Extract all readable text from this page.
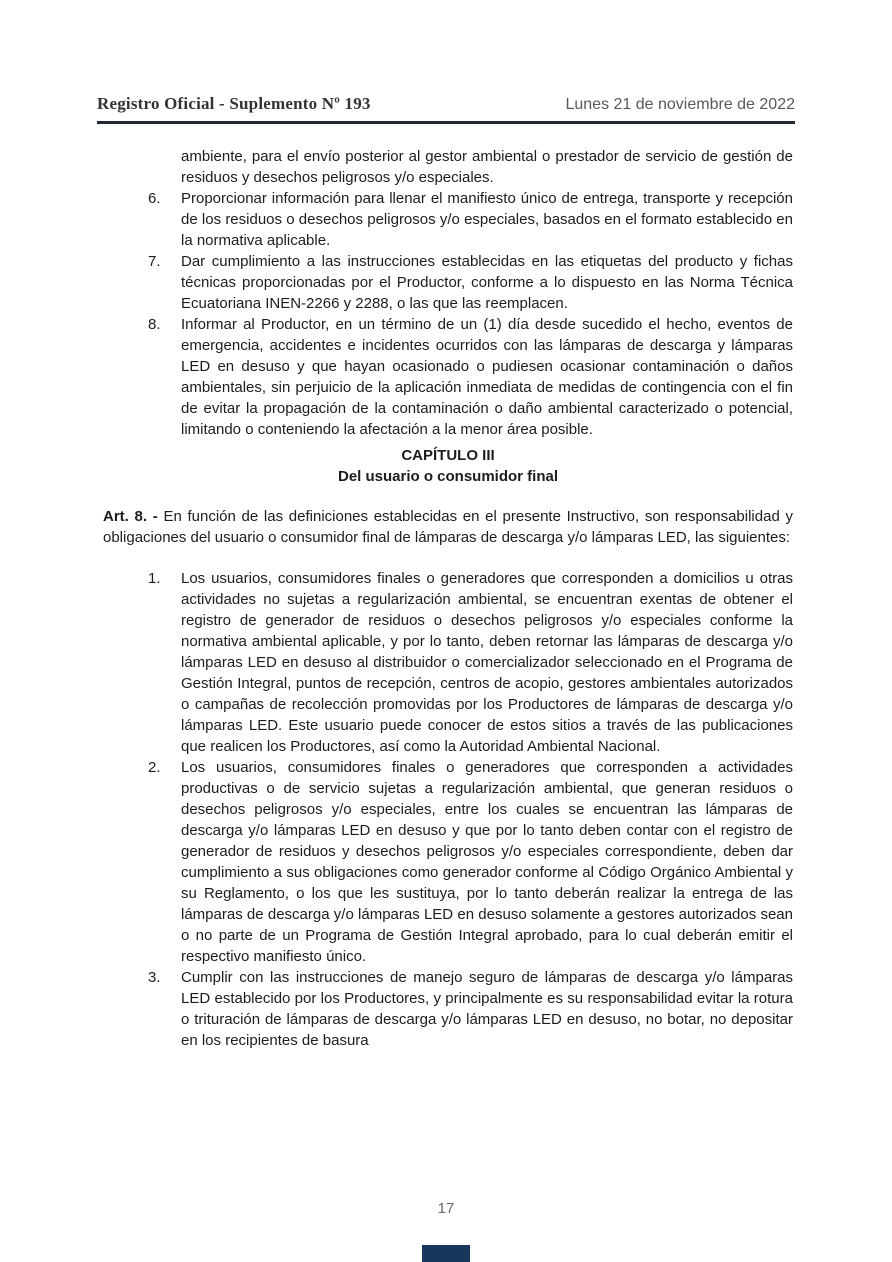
Registro Oficial - Suplemento Nº 193	Lunes 21 de noviembre de 2022

ambiente, para el envío posterior al gestor ambiental o prestador de servicio de gestión de residuos y desechos peligrosos y/o especiales.

6.	Proporcionar información para llenar el manifiesto único de entrega, transporte y recepción de los residuos o desechos peligrosos y/o especiales, basados en el formato establecido en la normativa aplicable.
7.	Dar cumplimiento a las instrucciones establecidas en las etiquetas del producto y fichas técnicas proporcionadas por el Productor, conforme a lo dispuesto en las Norma Técnica Ecuatoriana INEN-2266 y 2288, o las que las reemplacen.
8.	Informar al Productor, en un término de un (1) día desde sucedido el hecho, eventos de emergencia, accidentes e incidentes ocurridos con las lámparas de descarga y lámparas LED en desuso y que hayan ocasionado o pudiesen ocasionar contaminación o daños ambientales, sin perjuicio de la aplicación inmediata de medidas de contingencia con el fin de evitar la propagación de la contaminación o daño ambiental caracterizado o potencial, limitando o conteniendo la afectación a la menor área posible.
CAPÍTULO III
Del usuario o consumidor final

Art. 8. - En función de las definiciones establecidas en el presente Instructivo, son responsabilidad y obligaciones del usuario o consumidor final de lámparas de descarga y/o lámparas LED, las siguientes:

1.	Los usuarios, consumidores finales o generadores que corresponden a domicilios u otras actividades no sujetas a regularización ambiental, se encuentran exentas de obtener el registro de generador de residuos o desechos peligrosos y/o especiales conforme la normativa ambiental aplicable, y por lo tanto, deben retornar las lámparas de descarga y/o lámparas LED en desuso al distribuidor o comercializador seleccionado en el Programa de Gestión Integral, puntos de recepción, centros de acopio, gestores ambientales autorizados o campañas de recolección promovidas por los Productores de lámparas de descarga y/o lámparas LED. Este usuario puede conocer de estos sitios a través de las publicaciones que realicen los Productores, así como la Autoridad Ambiental Nacional.
2.	Los usuarios, consumidores finales o generadores que corresponden a actividades productivas o de servicio sujetas a regularización ambiental, que generan residuos o desechos peligrosos y/o especiales, entre los cuales se encuentran las lámparas de descarga y/o lámparas LED en desuso y que por lo tanto deben contar con el registro de generador de residuos y desechos peligrosos y/o especiales correspondiente, deben dar cumplimiento a sus obligaciones como generador conforme al Código Orgánico Ambiental y su Reglamento, o los que les sustituya, por lo tanto deberán realizar la entrega de las lámparas de descarga y/o lámparas LED en desuso solamente a gestores autorizados sean o no parte de un Programa de Gestión Integral aprobado, para lo cual deberán emitir el respectivo manifiesto único.
3.	Cumplir con las instrucciones de manejo seguro de lámparas de descarga y/o lámparas LED establecido por los Productores, y principalmente es su responsabilidad evitar la rotura o trituración de lámparas de descarga y/o lámparas LED en desuso, no botar, no depositar en los recipientes de basura
17
